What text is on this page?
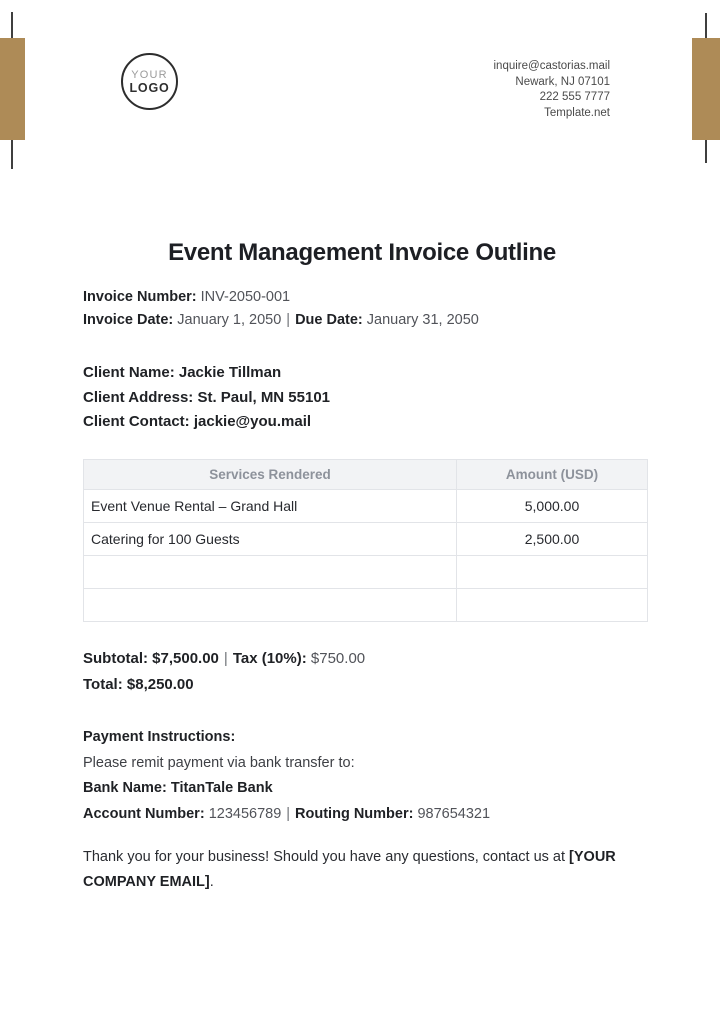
YOUR
LOGO
inquire@castorias.mail
Newark, NJ 07101
222 555 7777
Template.net
Event Management Invoice Outline
Invoice Number: INV-2050-001
Invoice Date: January 1, 2050 | Due Date: January 31, 2050
Client Name: Jackie Tillman
Client Address: St. Paul, MN 55101
Client Contact: jackie@you.mail
Services Rendered	Amount (USD)
Event Venue Rental – Grand Hall	5,000.00
Catering for 100 Guests	2,500.00

Subtotal: $7,500.00 | Tax (10%): $750.00
Total: $8,250.00
Payment Instructions:
Please remit payment via bank transfer to:
Bank Name: TitanTale Bank
Account Number: 123456789 | Routing Number: 987654321
Thank you for your business! Should you have any questions, contact us at [YOUR COMPANY EMAIL].
